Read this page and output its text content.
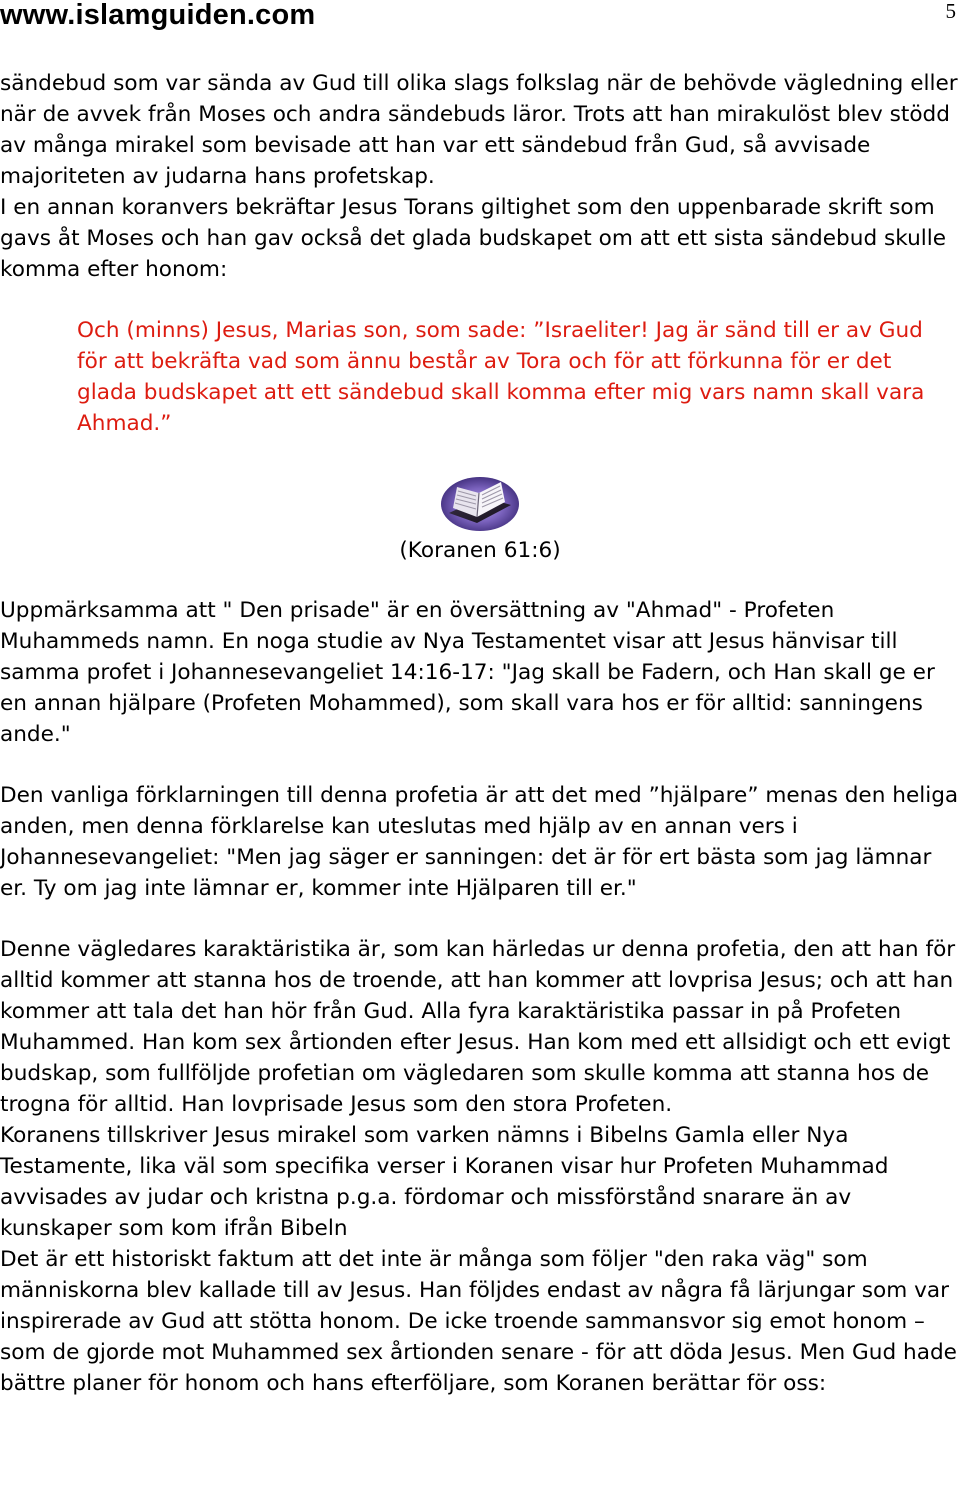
www.islamguiden.com	5

sändebud som var sända av Gud till olika slags folkslag när de behövde vägledning eller när de avvek från Moses och andra sändebuds läror. Trots att han mirakulöst blev stödd av många mirakel som bevisade att han var ett sändebud från Gud, så avvisade majoriteten av judarna hans profetskap.

I en annan koranvers bekräftar Jesus Torans giltighet som den uppenbarade skrift som gavs åt Moses och han gav också det glada budskapet om att ett sista sändebud skulle komma efter honom:

Och (minns) Jesus, Marias son, som sade: ”Israeliter! Jag är sänd till er av Gud för att bekräfta vad som ännu består av Tora och för att förkunna för er det glada budskapet att ett sändebud skall komma efter mig vars namn skall vara Ahmad.”

(Koranen 61:6)

Uppmärksamma att " Den prisade" är en översättning av "Ahmad" - Profeten Muhammeds namn. En noga studie av Nya Testamentet visar att Jesus hänvisar till samma profet i Johannesevangeliet 14:16-17: "Jag skall be Fadern, och Han skall ge er en annan hjälpare (Profeten Mohammed), som skall vara hos er för alltid: sanningens ande."

Den vanliga förklarningen till denna profetia är att det med ”hjälpare” menas den heliga anden, men denna förklarelse kan uteslutas med hjälp av en annan vers i Johannesevangeliet: "Men jag säger er sanningen: det är för ert bästa som jag lämnar er. Ty om jag inte lämnar er, kommer inte Hjälparen till er."

Denne vägledares karaktäristika är, som kan härledas ur denna profetia, den att han för alltid kommer att stanna hos de troende, att han kommer att lovprisa Jesus; och att han kommer att tala det han hör från Gud. Alla fyra karaktäristika passar in på Profeten Muhammed. Han kom sex årtionden efter Jesus. Han kom med ett allsidigt och ett evigt budskap, som fullföljde profetian om vägledaren som skulle komma att stanna hos de trogna för alltid. Han lovprisade Jesus som den stora Profeten.

Koranens tillskriver Jesus mirakel som varken nämns i Bibelns Gamla eller Nya Testamente, lika väl som specifika verser i Koranen visar hur Profeten Muhammad avvisades av judar och kristna p.g.a. fördomar och missförstånd snarare än av kunskaper som kom ifrån Bibeln

Det är ett historiskt faktum att det inte är många som följer "den raka väg" som människorna blev kallade till av Jesus. Han följdes endast av några få lärjungar som var inspirerade av Gud att stötta honom. De icke troende sammansvor sig emot honom – som de gjorde mot Muhammed sex årtionden senare - för att döda Jesus. Men Gud hade bättre planer för honom och hans efterföljare, som Koranen berättar för oss:
